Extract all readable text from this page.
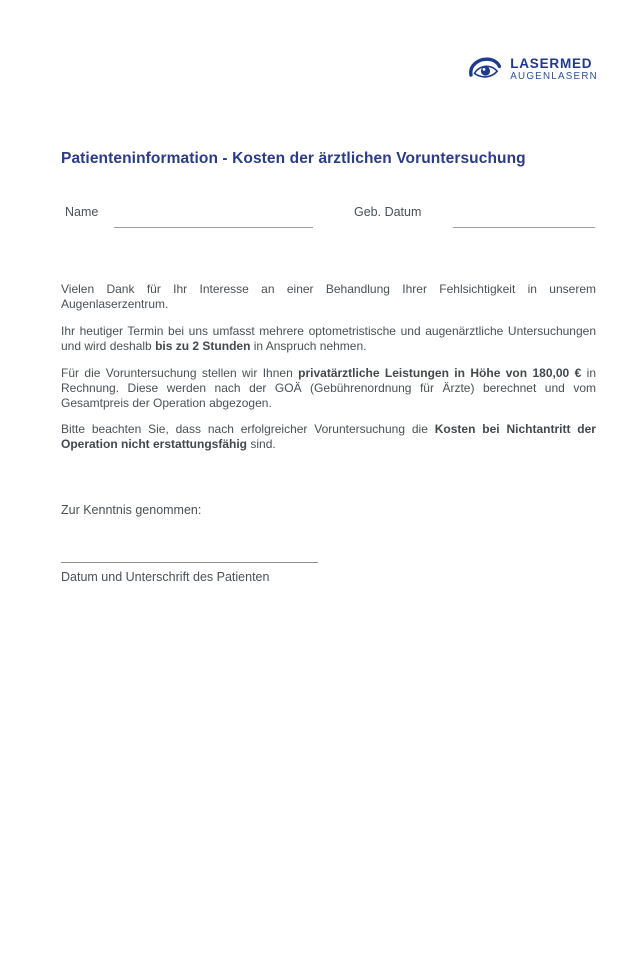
LASERMED
AUGENLASERN
Patienteninformation - Kosten der ärztlichen Voruntersuchung
Name	Geb. Datum

Vielen Dank für Ihr Interesse an einer Behandlung Ihrer Fehlsichtigkeit in unserem Augenlaserzentrum.

Ihr heutiger Termin bei uns umfasst mehrere optometristische und augenärztliche Untersuchungen und wird deshalb bis zu 2 Stunden in Anspruch nehmen.

Für die Voruntersuchung stellen wir Ihnen privatärztliche Leistungen in Höhe von 180,00 € in Rechnung. Diese werden nach der GOÄ (Gebührenordnung für Ärzte) berechnet und vom Gesamtpreis der Operation abgezogen.

Bitte beachten Sie, dass nach erfolgreicher Voruntersuchung die Kosten bei Nichtantritt der Operation nicht erstattungsfähig sind.

Zur Kenntnis genommen:

Datum und Unterschrift des Patienten
